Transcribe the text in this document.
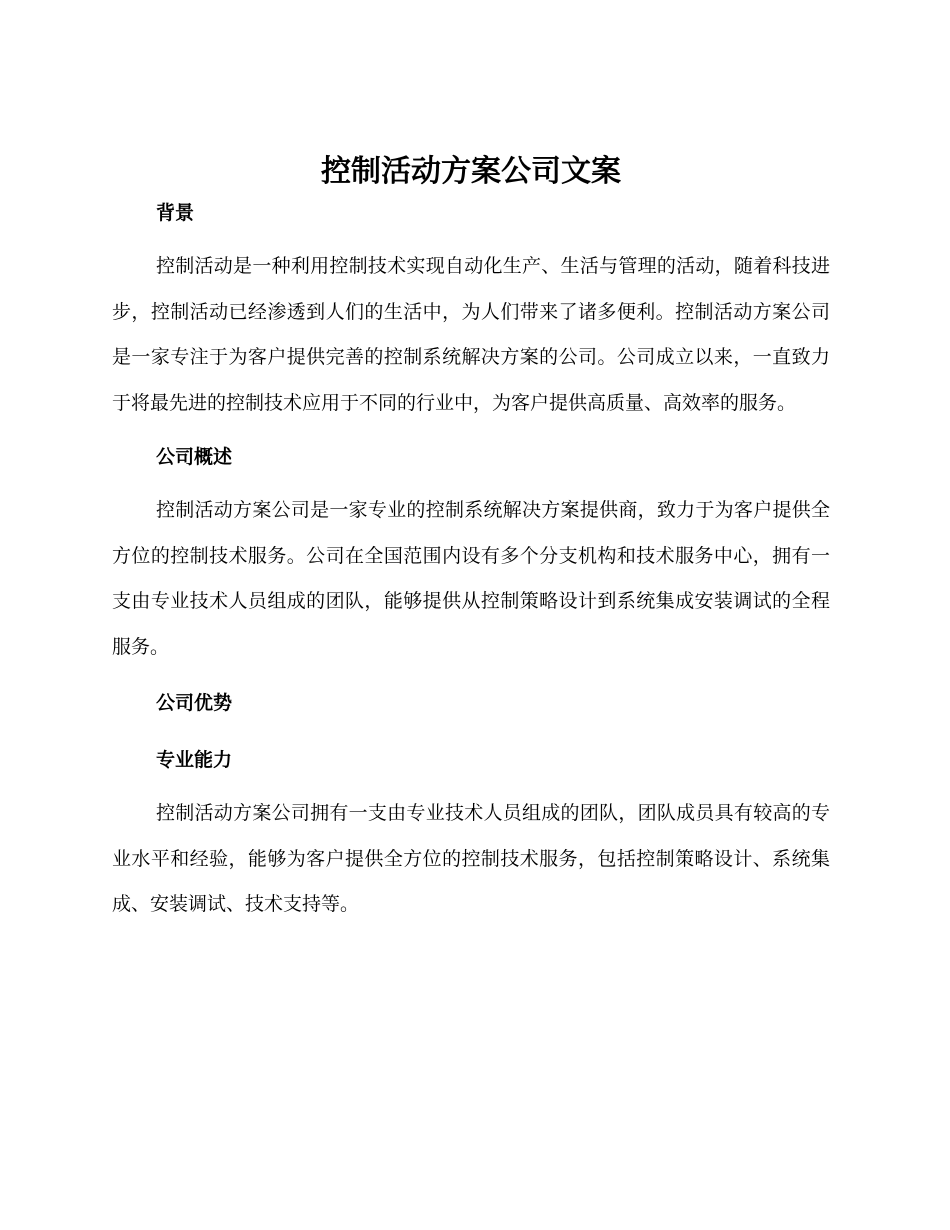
控制活动方案公司文案

背景

控制活动是一种利用控制技术实现自动化生产、生活与管理的活动，随着科技进步，控制活动已经渗透到人们的生活中，为人们带来了诸多便利。控制活动方案公司是一家专注于为客户提供完善的控制系统解决方案的公司。公司成立以来，一直致力于将最先进的控制技术应用于不同的行业中，为客户提供高质量、高效率的服务。

公司概述

控制活动方案公司是一家专业的控制系统解决方案提供商，致力于为客户提供全方位的控制技术服务。公司在全国范围内设有多个分支机构和技术服务中心，拥有一支由专业技术人员组成的团队，能够提供从控制策略设计到系统集成安装调试的全程服务。

公司优势

专业能力

控制活动方案公司拥有一支由专业技术人员组成的团队，团队成员具有较高的专业水平和经验，能够为客户提供全方位的控制技术服务，包括控制策略设计、系统集成、安装调试、技术支持等。
